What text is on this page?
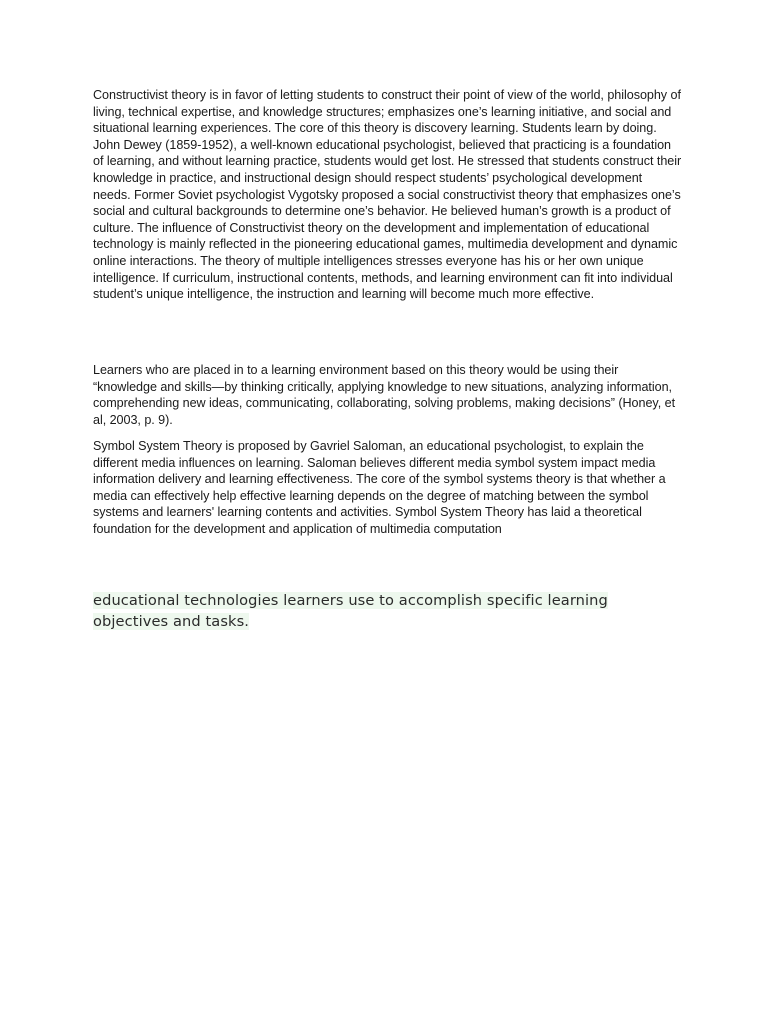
Constructivist theory is in favor of letting students to construct their point of view of the world, philosophy of living, technical expertise, and knowledge structures; emphasizes one’s learning initiative, and social and situational learning experiences. The core of this theory is discovery learning. Students learn by doing. John Dewey (1859-1952), a well-known educational psychologist, believed that practicing is a foundation of learning, and without learning practice, students would get lost. He stressed that students construct their knowledge in practice, and instructional design should respect students’ psychological development needs. Former Soviet psychologist Vygotsky proposed a social constructivist theory that emphasizes one’s social and cultural backgrounds to determine one’s behavior. He believed human’s growth is a product of culture. The influence of Constructivist theory on the development and implementation of educational technology is mainly reflected in the pioneering educational games, multimedia development and dynamic online interactions. The theory of multiple intelligences stresses everyone has his or her own unique intelligence. If curriculum, instructional contents, methods, and learning environment can fit into individual student’s unique intelligence, the instruction and learning will become much more effective.

Learners who are placed in to a learning environment based on this theory would be using their “knowledge and skills—by thinking critically, applying knowledge to new situations, analyzing information, comprehending new ideas, communicating, collaborating, solving problems, making decisions” (Honey, et al, 2003, p. 9).

Symbol System Theory is proposed by Gavriel Saloman, an educational psychologist, to explain the different media influences on learning. Saloman believes different media symbol system impact media information delivery and learning effectiveness. The core of the symbol systems theory is that whether a media can effectively help effective learning depends on the degree of matching between the symbol systems and learners' learning contents and activities. Symbol System Theory has laid a theoretical foundation for the development and application of multimedia computation

educational technologies learners use to accomplish specific learning objectives and tasks.
